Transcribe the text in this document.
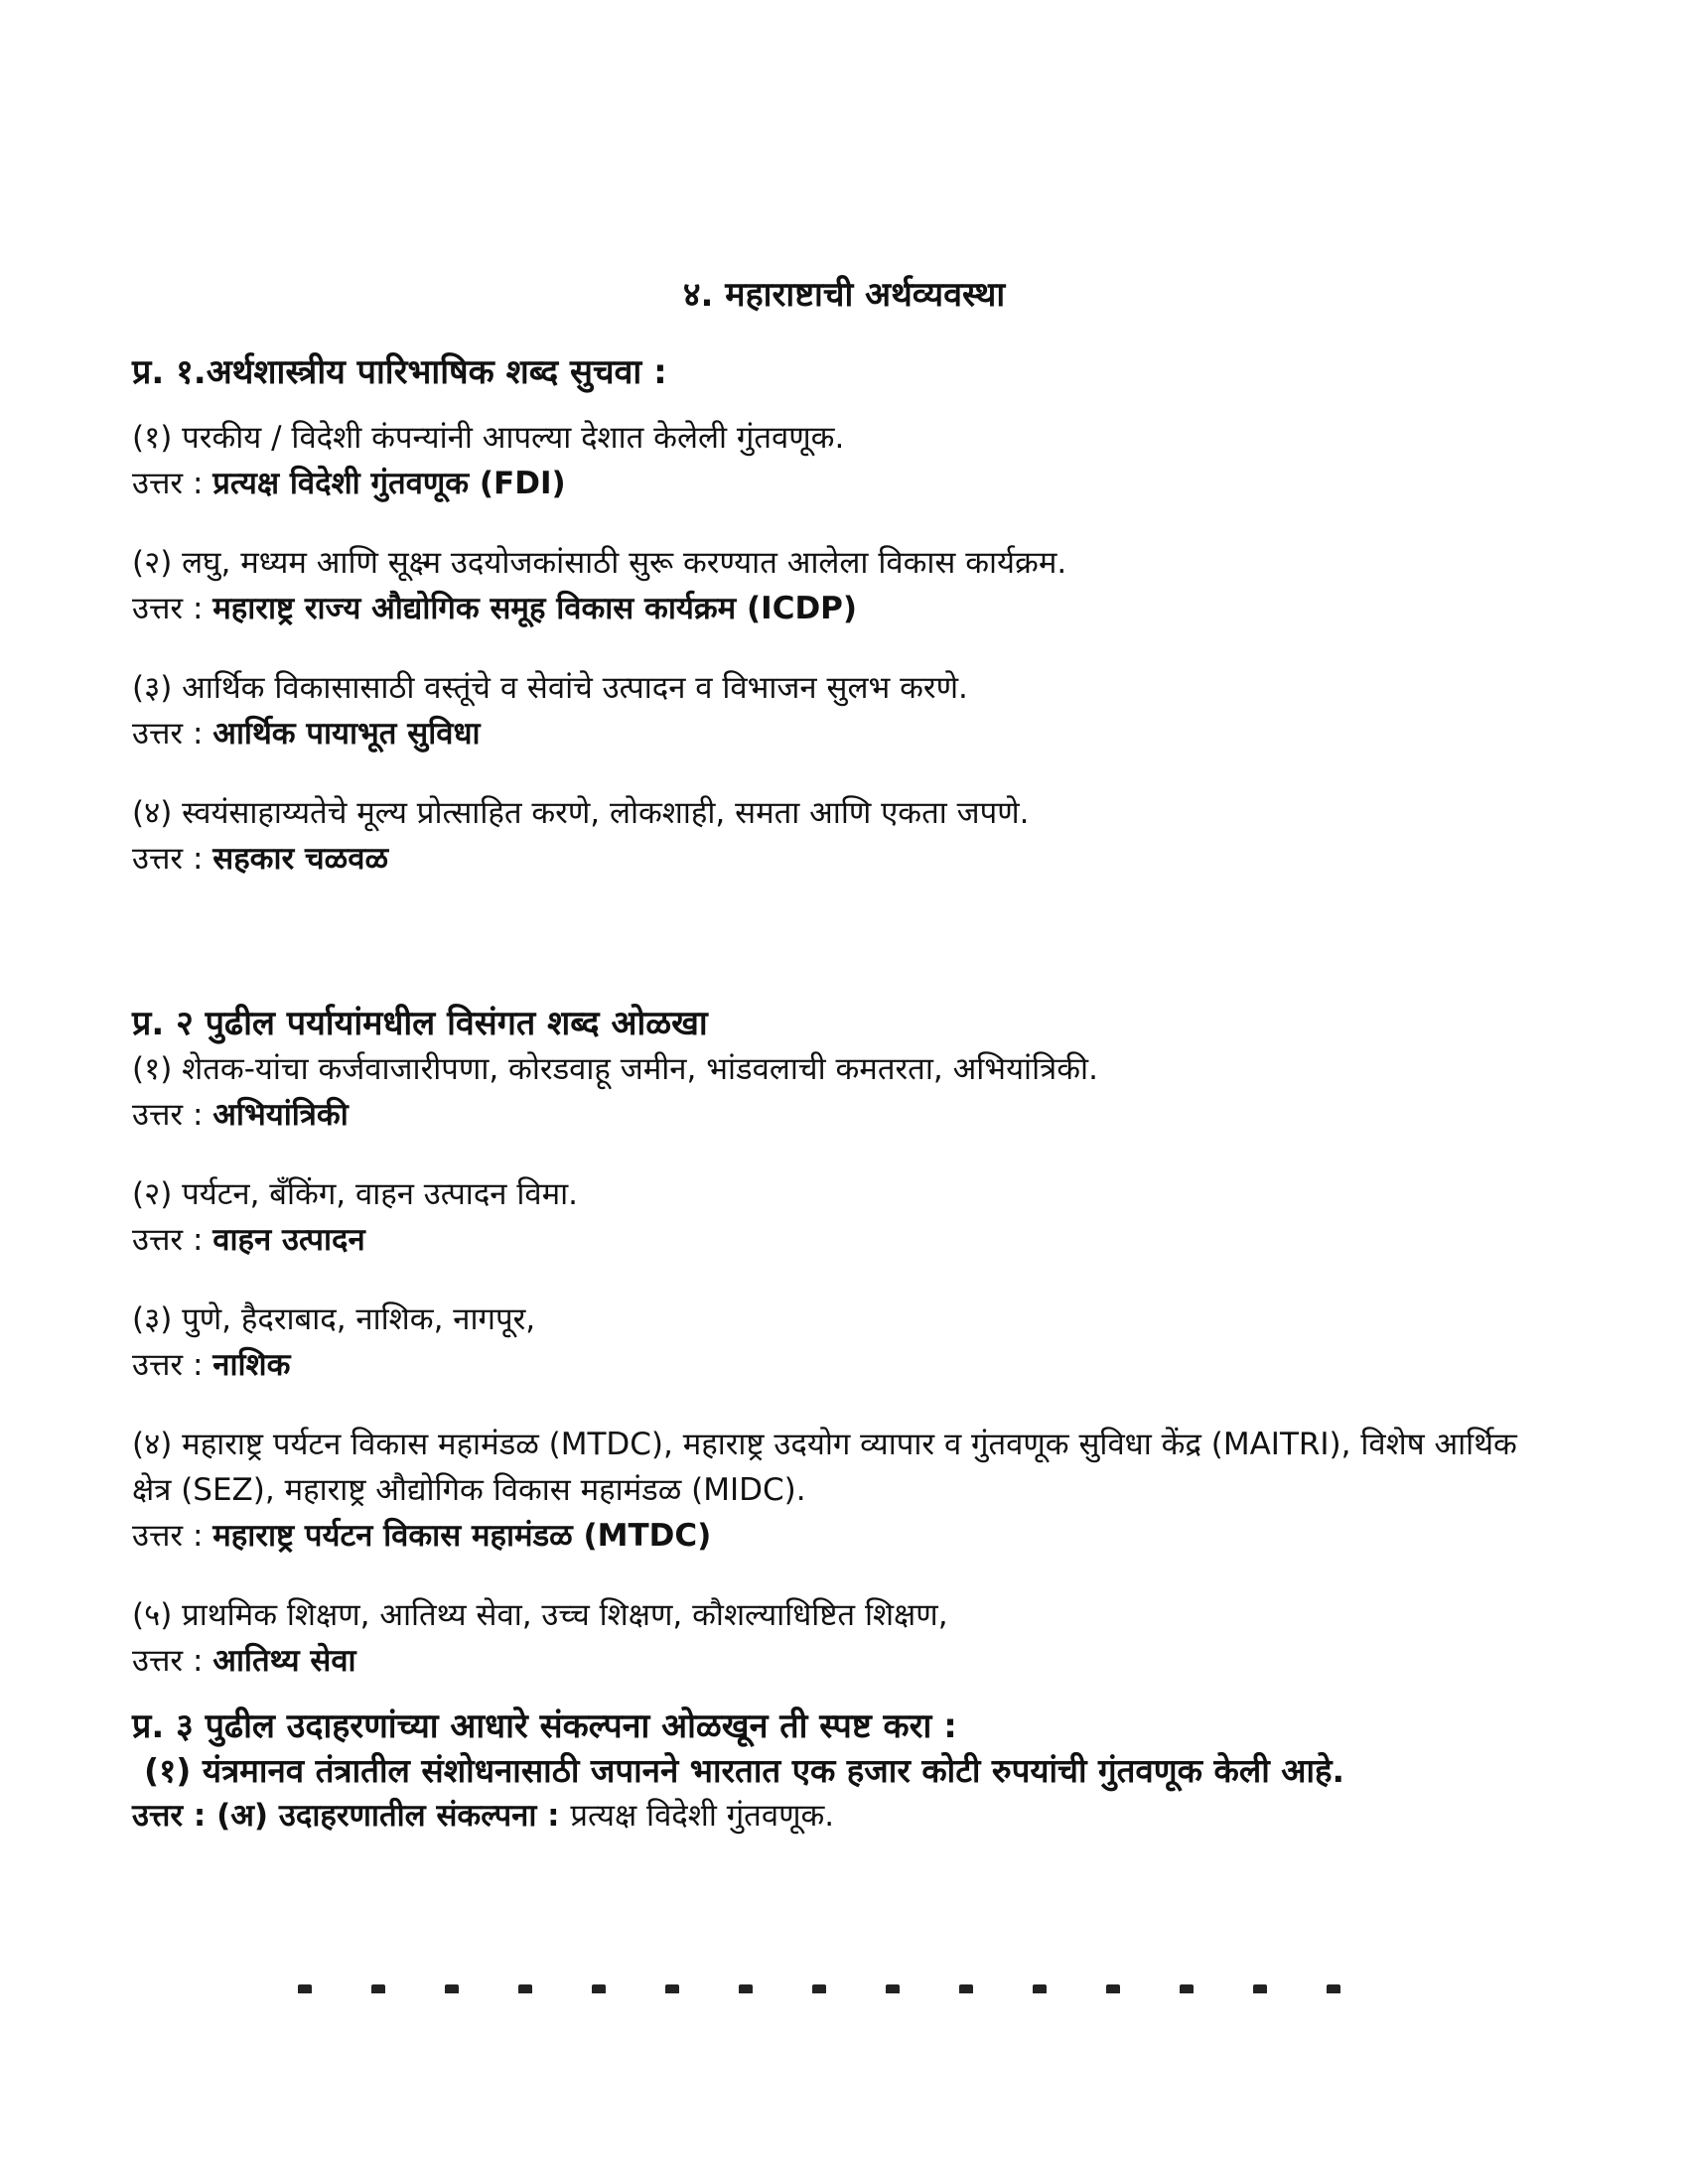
४. महाराष्टाची अर्थव्यवस्था

प्र. १.अर्थशास्त्रीय पारिभाषिक शब्द सुचवा :

(१) परकीय / विदेशी कंपन्यांनी आपल्या देशात केलेली गुंतवणूक.

उत्तर : प्रत्यक्ष विदेशी गुंतवणूक (FDI)

(२) लघु, मध्यम आणि सूक्ष्म उदयोजकांसाठी सुरू करण्यात आलेला विकास कार्यक्रम.

उत्तर : महाराष्ट्र राज्य औद्योगिक समूह विकास कार्यक्रम (ICDP)

(३) आर्थिक विकासासाठी वस्तूंचे व सेवांचे उत्पादन व विभाजन सुलभ करणे.

उत्तर : आर्थिक पायाभूत सुविधा

(४) स्वयंसाहाय्यतेचे मूल्य प्रोत्साहित करणे, लोकशाही, समता आणि एकता जपणे.

उत्तर : सहकार चळवळ

प्र. २ पुढील पर्यायांमधील विसंगत शब्द ओळखा

(१) शेतक-यांचा कर्जवाजारीपणा, कोरडवाहू जमीन, भांडवलाची कमतरता, अभियांत्रिकी.

उत्तर : अभियांत्रिकी

(२) पर्यटन, बँकिंग, वाहन उत्पादन विमा.

उत्तर : वाहन उत्पादन

(३) पुणे, हैदराबाद, नाशिक, नागपूर,

उत्तर : नाशिक

(४) महाराष्ट्र पर्यटन विकास महामंडळ (MTDC), महाराष्ट्र उदयोग व्यापार व गुंतवणूक सुविधा केंद्र (MAITRI), विशेष आर्थिक क्षेत्र (SEZ), महाराष्ट्र औद्योगिक विकास महामंडळ (MIDC).

उत्तर : महाराष्ट्र पर्यटन विकास महामंडळ (MTDC)

(५) प्राथमिक शिक्षण, आतिथ्य सेवा, उच्च शिक्षण, कौशल्याधिष्टित शिक्षण,

उत्तर : आतिथ्य सेवा

प्र. ३ पुढील उदाहरणांच्या आधारे संकल्पना ओळखून ती स्पष्ट करा :

(१) यंत्रमानव तंत्रातील संशोधनासाठी जपानने भारतात एक हजार कोटी रुपयांची गुंतवणूक केली आहे.

उत्तर : (अ) उदाहरणातील संकल्पना : प्रत्यक्ष विदेशी गुंतवणूक.
